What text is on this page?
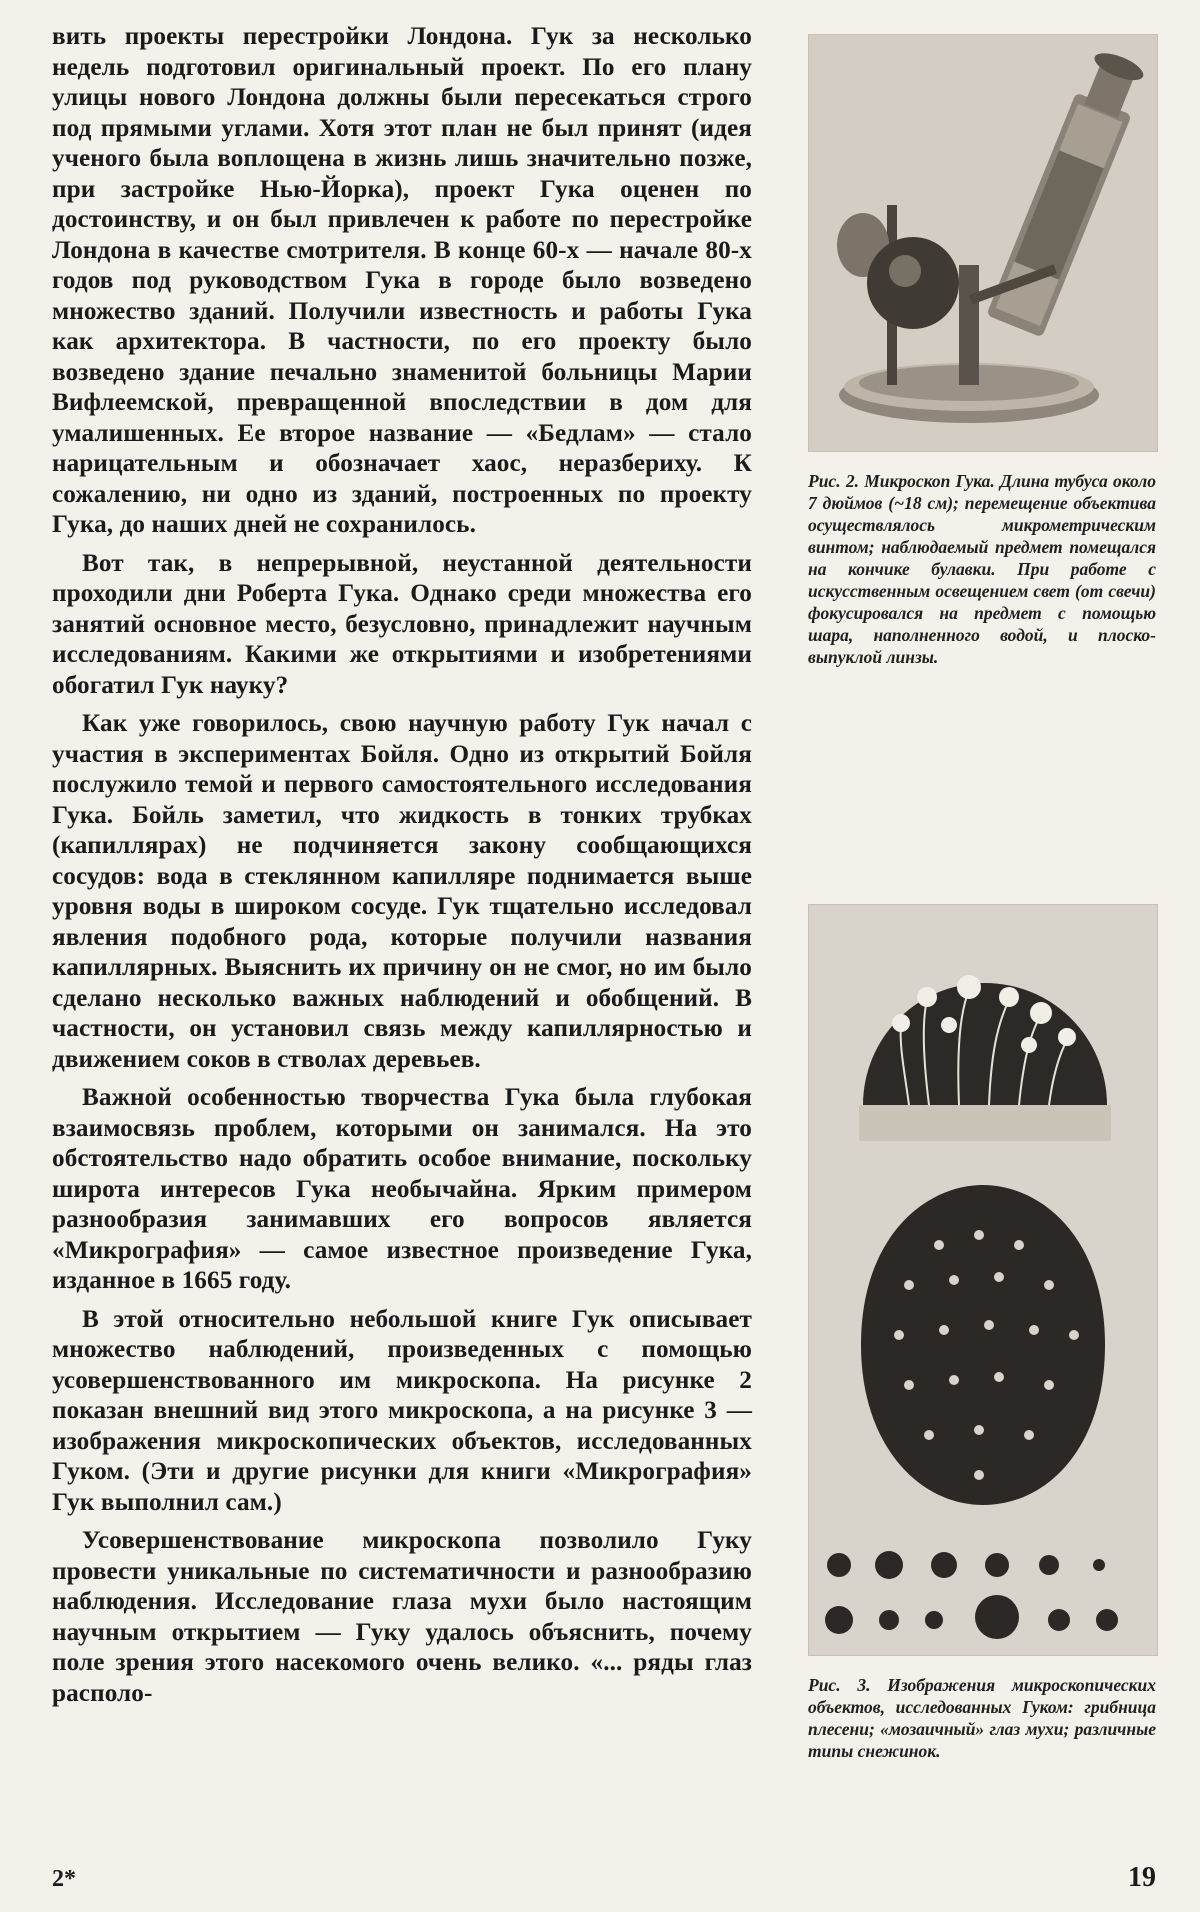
вить проекты перестройки Лондона. Гук за несколько недель подготовил оригинальный проект. По его плану улицы нового Лондона должны были пересекаться строго под прямыми углами. Хотя этот план не был принят (идея ученого была воплощена в жизнь лишь значительно позже, при застройке Нью-Йорка), проект Гука оценен по достоинству, и он был привлечен к работе по перестройке Лондона в качестве смотрителя. В конце 60-х — начале 80-х годов под руководством Гука в городе было возведено множество зданий. Получили известность и работы Гука как архитектора. В частности, по его проекту было возведено здание печально знаменитой больницы Марии Вифлеемской, превращенной впоследствии в дом для умалишенных. Ее второе название — «Бедлам» — стало нарицательным и обозначает хаос, неразбериху. К сожалению, ни одно из зданий, построенных по проекту Гука, до наших дней не сохранилось.

Вот так, в непрерывной, неустанной деятельности проходили дни Роберта Гука. Однако среди множества его занятий основное место, безусловно, принадлежит научным исследованиям. Какими же открытиями и изобретениями обогатил Гук науку?

Как уже говорилось, свою научную работу Гук начал с участия в экспериментах Бойля. Одно из открытий Бойля послужило темой и первого самостоятельного исследования Гука. Бойль заметил, что жидкость в тонких трубках (капиллярах) не подчиняется закону сообщающихся сосудов: вода в стеклянном капилляре поднимается выше уровня воды в широком сосуде. Гук тщательно исследовал явления подобного рода, которые получили названия капиллярных. Выяснить их причину он не смог, но им было сделано несколько важных наблюдений и обобщений. В частности, он установил связь между капиллярностью и движением соков в стволах деревьев.

Важной особенностью творчества Гука была глубокая взаимосвязь проблем, которыми он занимался. На это обстоятельство надо обратить особое внимание, поскольку широта интересов Гука необычайна. Ярким примером разнообразия занимавших его вопросов является «Микрография» — самое известное произведение Гука, изданное в 1665 году.

В этой относительно небольшой книге Гук описывает множество наблюдений, произведенных с помощью усовершенствованного им микроскопа. На рисунке 2 показан внешний вид этого микроскопа, а на рисунке 3 — изображения микроскопических объектов, исследованных Гуком. (Эти и другие рисунки для книги «Микрография» Гук выполнил сам.)

Усовершенствование микроскопа позволило Гуку провести уникальные по систематичности и разнообразию наблюдения. Исследование глаза мухи было настоящим научным открытием — Гуку удалось объяснить, почему поле зрения этого насекомого очень велико. «... ряды глаз располо-

Рис. 2. Микроскоп Гука. Длина тубуса около 7 дюймов (~18 см); перемещение объектива осуществлялось микрометрическим винтом; наблюдаемый предмет помещался на кончике булавки. При работе с искусственным освещением свет (от свечи) фокусировался на предмет с помощью шара, наполненного водой, и плоско-выпуклой линзы.
Рис. 3. Изображения микроскопических объектов, исследованных Гуком: грибница плесени; «мозаичный» глаз мухи; различные типы снежинок.
2*	19
